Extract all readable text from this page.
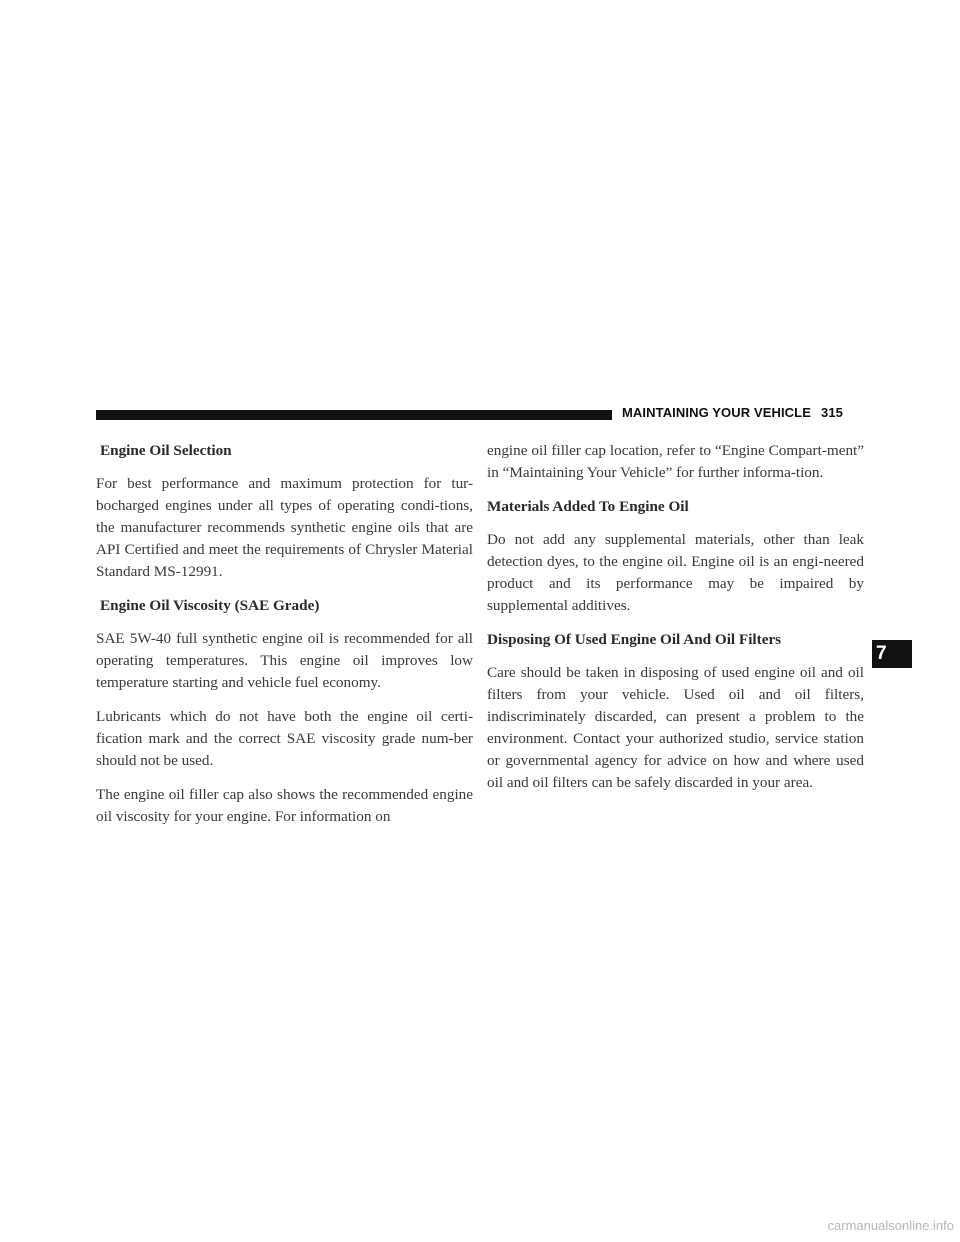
MAINTAINING YOUR VEHICLE 315
Engine Oil Selection

For best performance and maximum protection for tur-bocharged engines under all types of operating condi-tions, the manufacturer recommends synthetic engine oils that are API Certified and meet the requirements of Chrysler Material Standard MS-12991.

Engine Oil Viscosity (SAE Grade)

SAE 5W-40 full synthetic engine oil is recommended for all operating temperatures. This engine oil improves low temperature starting and vehicle fuel economy.

Lubricants which do not have both the engine oil certi-fication mark and the correct SAE viscosity grade num-ber should not be used.

The engine oil filler cap also shows the recommended engine oil viscosity for your engine. For information on

engine oil filler cap location, refer to “Engine Compart-ment” in “Maintaining Your Vehicle” for further informa-tion.

Materials Added To Engine Oil

Do not add any supplemental materials, other than leak detection dyes, to the engine oil. Engine oil is an engi-neered product and its performance may be impaired by supplemental additives.

Disposing Of Used Engine Oil And Oil Filters

Care should be taken in disposing of used engine oil and oil filters from your vehicle. Used oil and oil filters, indiscriminately discarded, can present a problem to the environment. Contact your authorized studio, service station or governmental agency for advice on how and where used oil and oil filters can be safely discarded in your area.

7
carmanualsonline.info
